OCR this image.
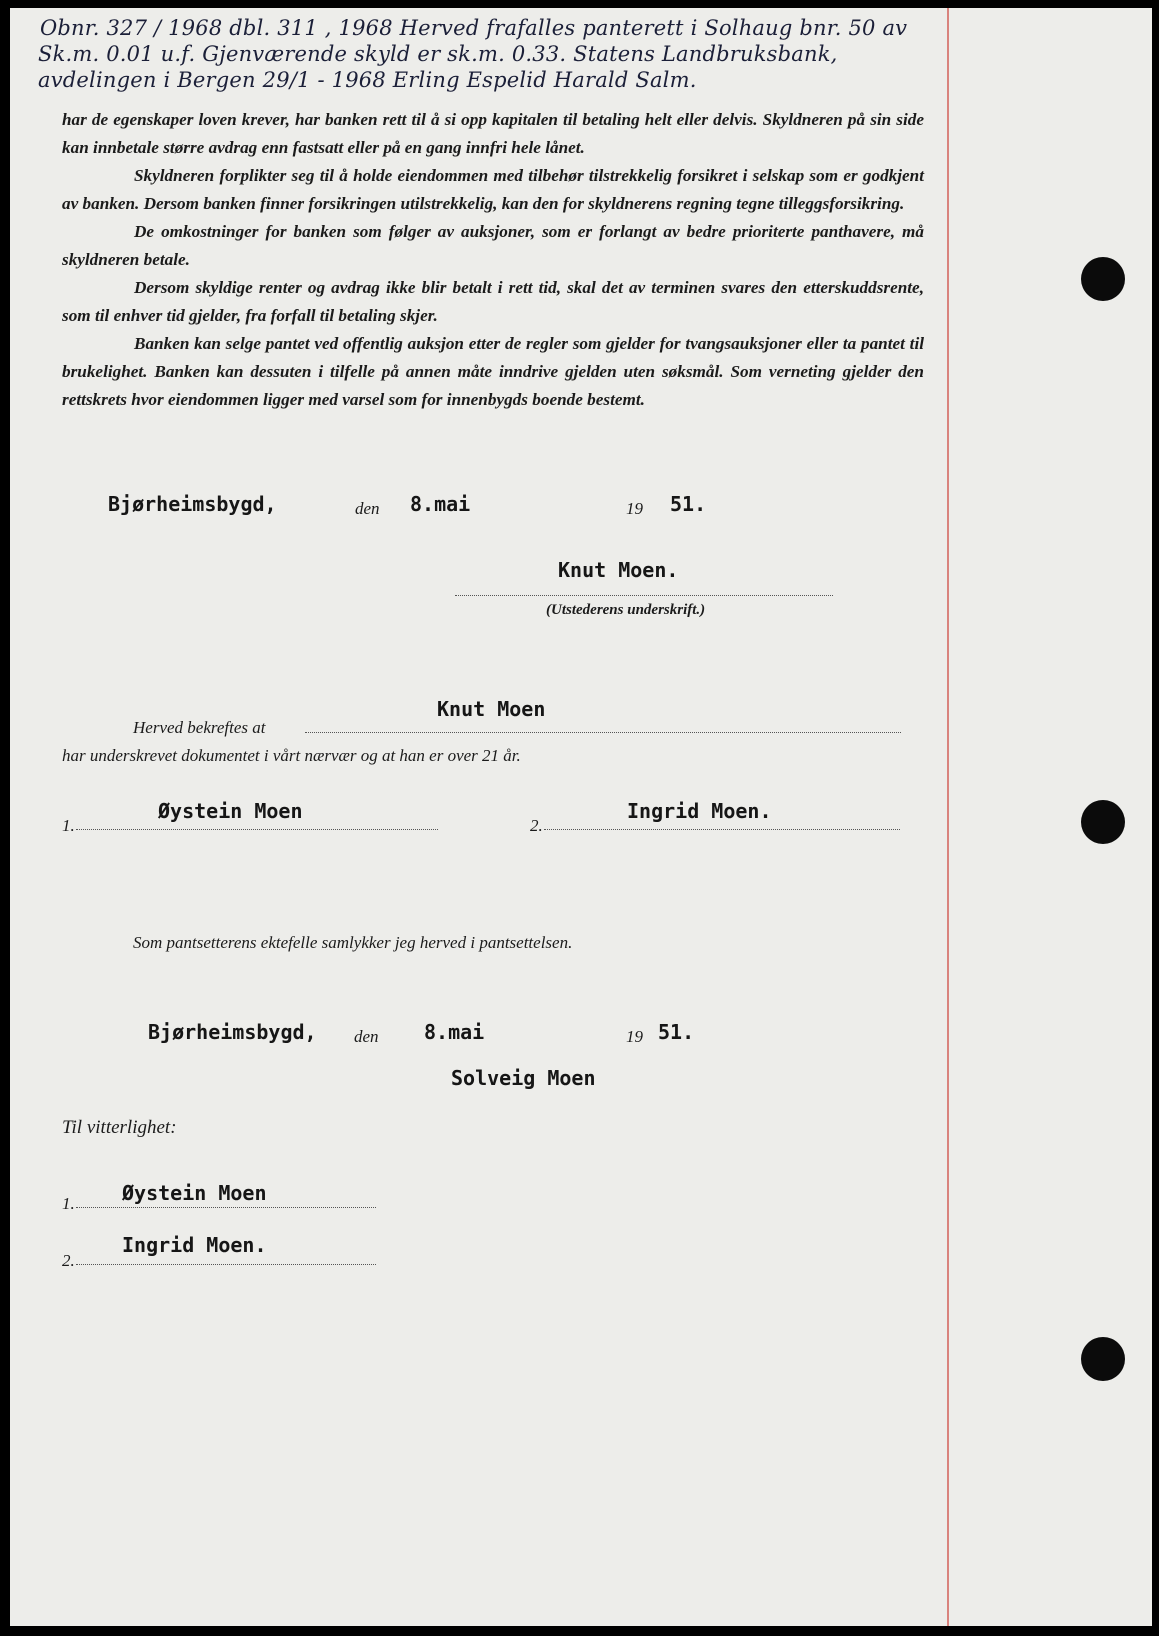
Obnr. 327 / 1968 dbl. 311 , 1968 Herved frafalles panterett i Solhaug bnr. 50 av
Sk.m. 0.01 u.f. Gjenværende skyld er sk.m. 0.33. Statens Landbruksbank,
avdelingen i Bergen 29/1 - 1968 Erling Espelid Harald Salm.

har de egenskaper loven krever, har banken rett til å si opp kapitalen til betaling helt eller delvis. Skyldneren på sin side kan innbetale større avdrag enn fastsatt eller på en gang innfri hele lånet.

Skyldneren forplikter seg til å holde eiendommen med tilbehør tilstrekkelig forsikret i selskap som er godkjent av banken. Dersom banken finner forsikringen utilstrekkelig, kan den for skyldnerens regning tegne tilleggsforsikring.

De omkostninger for banken som følger av auksjoner, som er forlangt av bedre prioriterte panthavere, må skyldneren betale.

Dersom skyldige renter og avdrag ikke blir betalt i rett tid, skal det av terminen svares den etterskuddsrente, som til enhver tid gjelder, fra forfall til betaling skjer.

Banken kan selge pantet ved offentlig auksjon etter de regler som gjelder for tvangsauksjoner eller ta pantet til brukelighet. Banken kan dessuten i tilfelle på annen måte inndrive gjelden uten søksmål. Som verneting gjelder den rettskrets hvor eiendommen ligger med varsel som for innenbygds boende bestemt.

Bjørheimsbygd,	den 8.mai	19 51.
Knut Moen.
(Utstederens underskrift.)
Herved bekreftes at
Knut Moen
har underskrevet dokumentet i vårt nærvær og at han er over 21 år.
1.
Øystein Moen
2.
Ingrid Moen.
Som pantsetterens ektefelle samlykker jeg herved i pantsettelsen.
Bjørheimsbygd, den 8.mai	19 51.
Solveig Moen
Til vitterlighet:
1. Øystein Moen
2.
Ingrid Moen.
